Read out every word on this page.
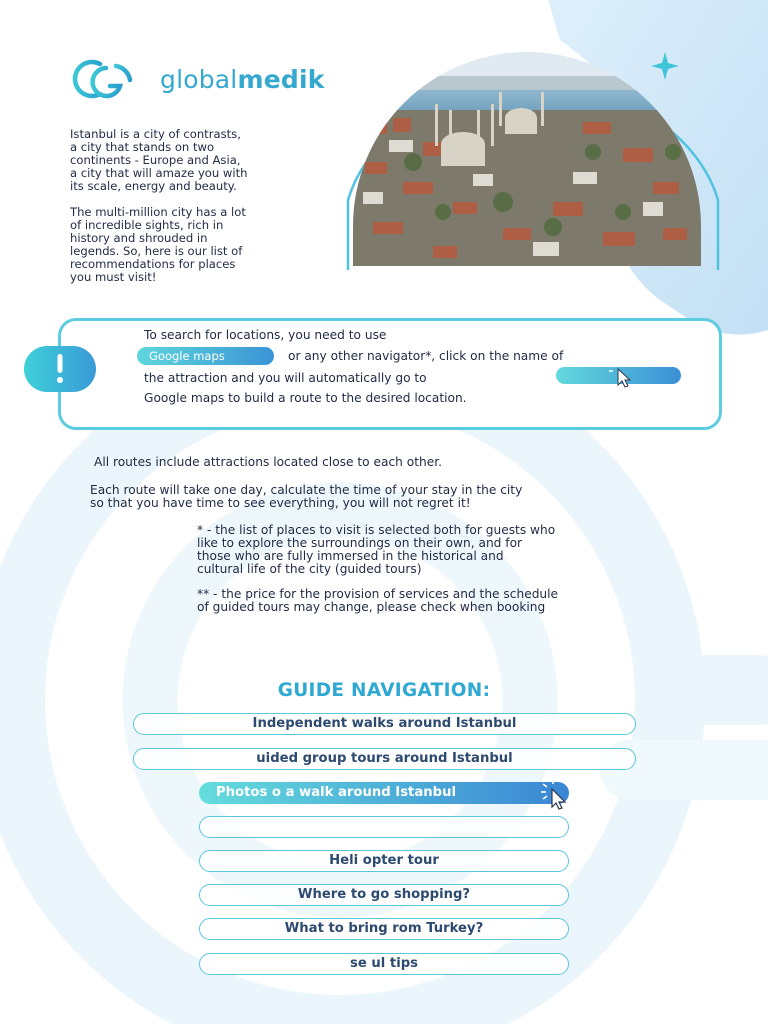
globalmedik

Istanbul is a city of contrasts,
a city that stands on two
continents - Europe and Asia,
a city that will amaze you with
its scale, energy and beauty.

The multi-million city has a lot
of incredible sights, rich in
history and shrouded in
legends. So, here is our list of
recommendations for places
you must visit!

To search for locations, you need to use
Google maps	or any other navigator*, click on the name of
the attraction and you will automatically go to
Google maps to build a route to the desired location.
All routes include attractions located close to each other.
Each route will take one day, calculate the time of your stay in the city
so that you have time to see everything, you will not regret it!
* - the list of places to visit is selected both for guests who
like to explore the surroundings on their own, and for
those who are fully immersed in the historical and
cultural life of the city (guided tours)
** - the price for the provision of services and the schedule
of guided tours may change, please check when booking
GUIDE NAVIGATION:
Independent walks around Istanbul
uided group tours around Istanbul
Photos o a walk around Istanbul
Heli opter tour
Where to go shopping?
What to bring rom Turkey?
se ul tips
